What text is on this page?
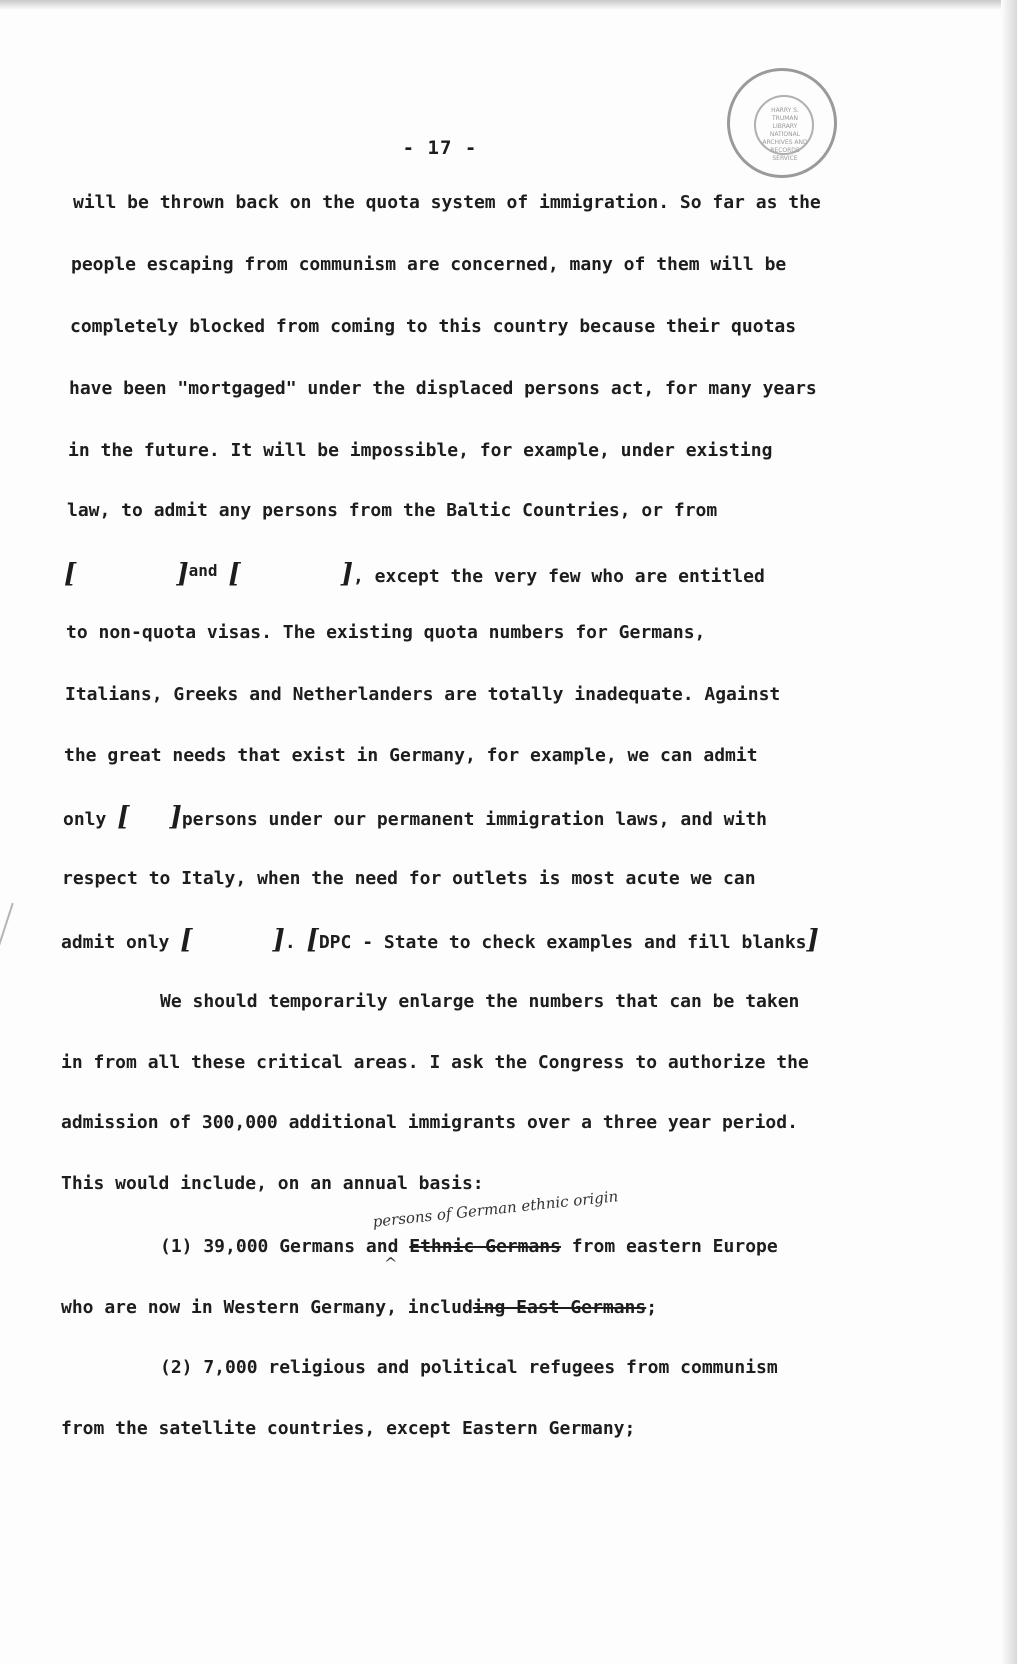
HARRY S. TRUMAN LIBRARY NATIONAL ARCHIVES AND RECORDS SERVICE
- 17 -
will be thrown back on the quota system of immigration. So far as the
people escaping from communism are concerned, many of them will be
completely blocked from coming to this country because their quotas
have been "mortgaged" under the displaced persons act, for many years
in the future. It will be impossible, for example, under existing
law, to admit any persons from the Baltic Countries, or from
[	]and [	], except the very few who are entitled
to non-quota visas. The existing quota numbers for Germans,
Italians, Greeks and Netherlanders are totally inadequate. Against
the great needs that exist in Germany, for example, we can admit
only [ ]persons under our permanent immigration laws, and with
respect to Italy, when the need for outlets is most acute we can
admit only [	]. [DPC - State to check examples and fill blanks]
We should temporarily enlarge the numbers that can be taken
in from all these critical areas. I ask the Congress to authorize the
admission of 300,000 additional immigrants over a three year period.
This would include, on an annual basis:
persons of German ethnic origin
^
(1) 39,000 Germans and Ethnic Germans from eastern Europe
who are now in Western Germany, including East Germans;
(2) 7,000 religious and political refugees from communism
from the satellite countries, except Eastern Germany;
